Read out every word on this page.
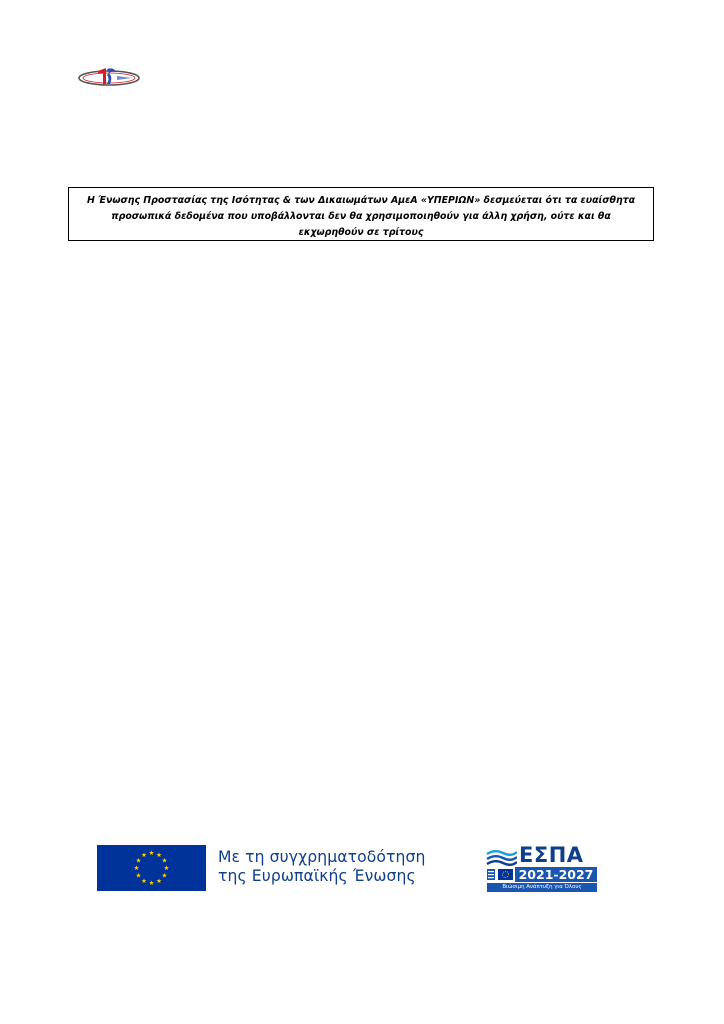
Η Ένωσης Προστασίας της Ισότητας & των Δικαιωμάτων ΑμεΑ «ΥΠΕΡΙΩΝ» δεσμεύεται ότι τα ευαίσθητα
προσωπικά δεδομένα που υποβάλλονται δεν θα χρησιμοποιηθούν για άλλη χρήση, ούτε και θα
εκχωρηθούν σε τρίτους

Με τη συγχρηματοδότηση
της Ευρωπαϊκής Ένωσης
ΕΣΠΑ
2021-2027
Βιώσιμη Ανάπτυξη για Όλους
